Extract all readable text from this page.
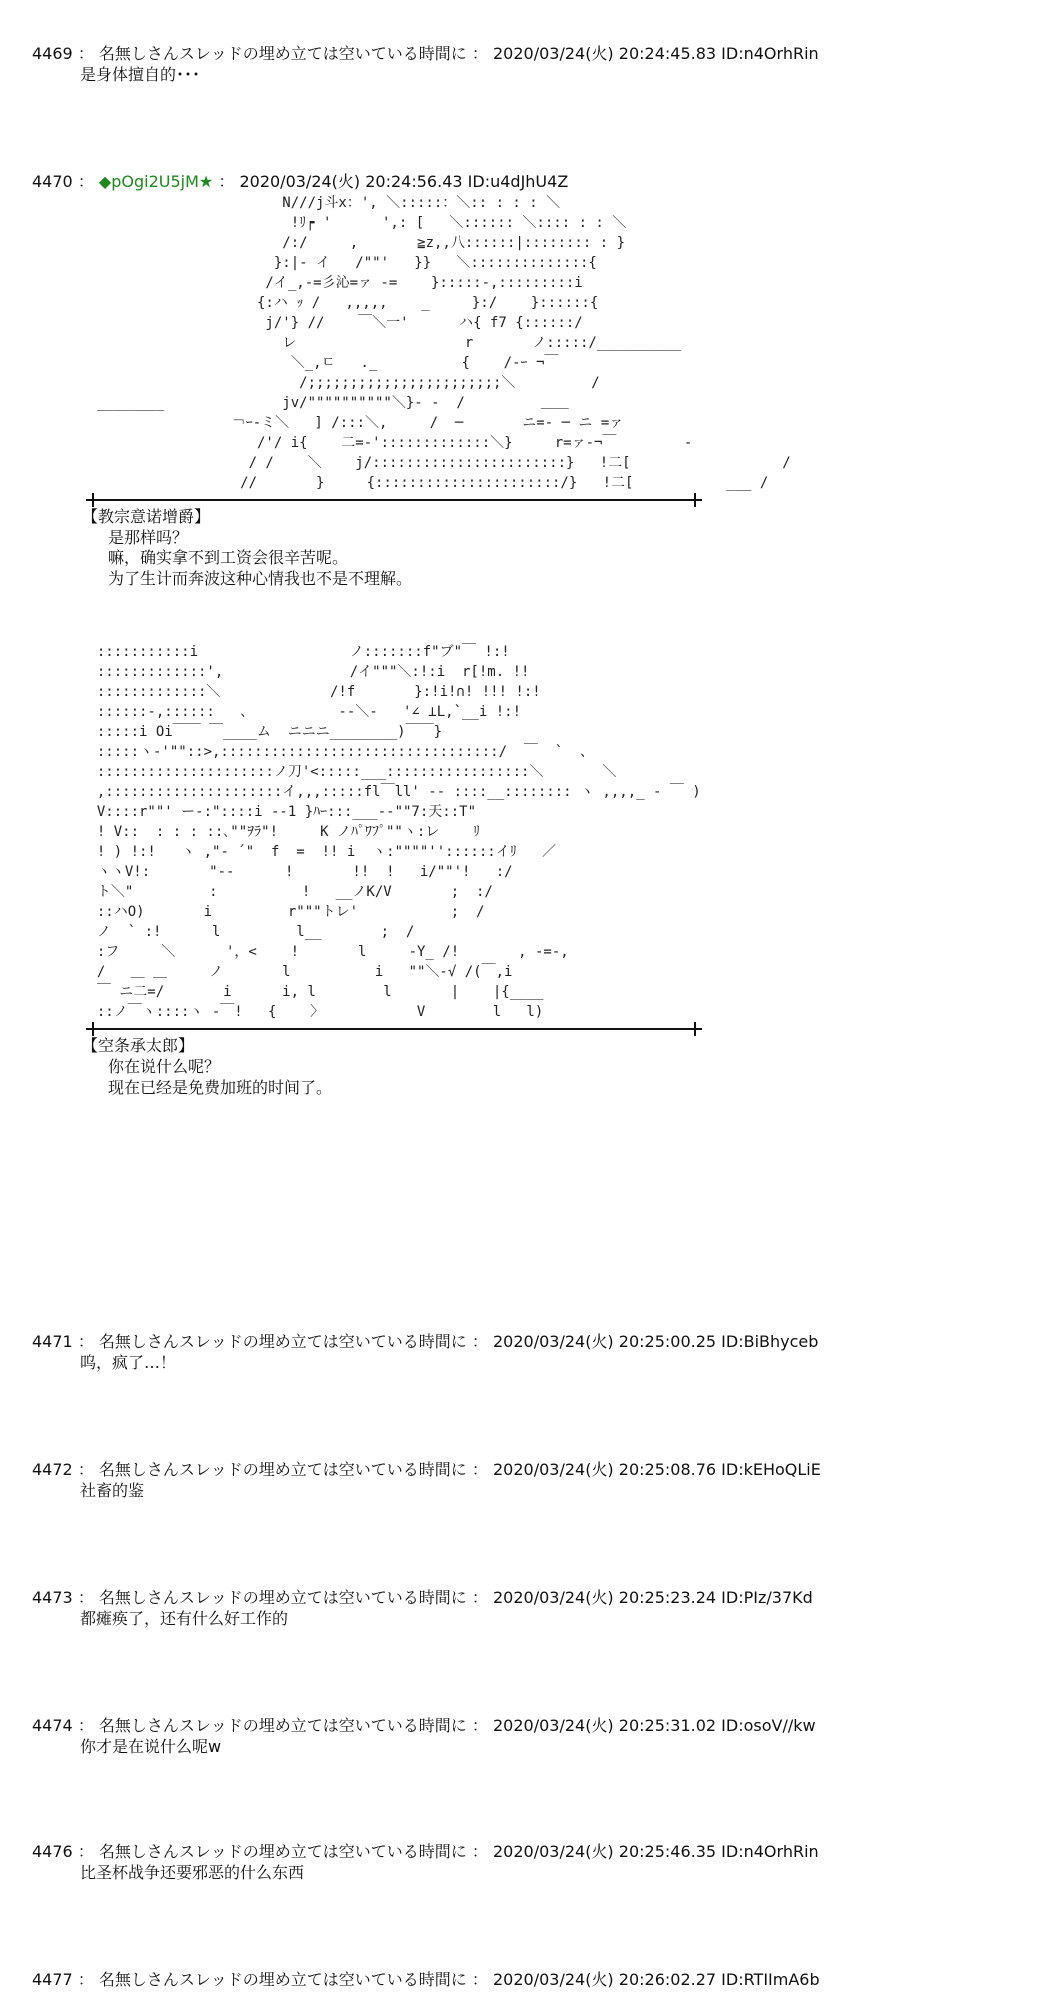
4469 ： 名無しさんスレッドの埋め立ては空いている時間に ： 2020/03/24(火) 20:24:45.83 ID:n4OrhRin
是身体擅自的･･･
4470 ： ◆pOgi2U5jM★ ： 2020/03/24(火) 20:24:56.43 ID:u4dJhU4Z
N///j斗x：', ＼:::::：＼:: : : : ＼
!ﾘ┍ '      ',: [   ＼:::::: ＼:::: : : ＼
/:/     ,       ≧z,,八::::::|:::::::: : }
}:|- イ   /""'   }}   ＼::::::::::::::{
/イ_,‐=彡沁=ァ ‐=    }:::::-,:::::::::i
{:ハ ｯ /   ,,,,,    _     }:/    }::::::{
j/'} //    ￣＼一'      ハ{ f7 {::::::/
レ                    r       ノ:::::/__________
＼_,ㄷ   ._          {    /‐ｰ ¬￣
/;;;;;;;;;;;;;;;;;;;;;;;＼         /
________              jv/""""""""""＼}‐ ‐  /         ＿＿
￢ｰ-ミ＼   ] /:::＼,     /  ─       ニ=‐ ─ ニ =ァ
/'/ i{    二=‐':::::::::::::＼}     r=ァ‐¬￣        -
/ /    ＼    j/:::::::::::::::::::::::}   !二[                  /
//       }     {::::::::::::::::::::::/}   !二[           ___ /
【教宗意诺增爵】
是那样吗？
嘛，确实拿不到工资会很辛苦呢。
为了生计而奔波这种心情我也不是不理解。
:::::::::::i                  ノ:::::::f"ブ"￣ !:!
:::::::::::::',               /イ"""＼:!:i  r[!m. !!
:::::::::::::＼             /!f       }:!i!∩! !!! !:!
::::::-,::::::   、          ‐-＼-   '∠ ⊥L,`__i !:!
:::::i Oi￣￣ ￣____ム  ニニニ________)￣￣}
:::::ヽ-'""::>,:::::::::::::::::::::::::::::::::/  ￣  `  、
:::::::::::::::::::::ノ刀'<:::::___:::::::::::::::::＼       ＼
,:::::::::::::::::::::イ,,,:::::fl￣ll' ‐‐ ::::__:::::::: ヽ ,,,,_ ‐ ￣ )
V::::r""' ー‐:"::::i ‐‐1 }ﾊｰ:::___‐‐""7:天::T"
! V::  : : : ::､""ｦﾗ"!     K ノﾊﾟﾜﾌﾟ""ヽ:レ    ﾘ
! ) !:!   ヽ ,"‐ ´"  f  =  !! i  ヽ:""""''::::::イﾘ   ／
ヽヽV!:       "‐‐      !       !!  !   i/""'!   :/
ト＼"         :          !   __ノK/V       ;  :/
::ハO)       i         r"""トレ'           ;  /
ノ  ` :!      l         l__       ;  /
:フ     ＼      '，<    !       l     ‐Y_ /!       , ‐=‐,
/   ＿ ＿     ノ       l          i   ""＼‐√ /(￣,i
￣ ニ二=/       i      i, l        l       |    |{____
::ノ￣ヽ::::ヽ ‐￣!   {    〉           V        l   l)
【空条承太郎】
你在说什么呢？
现在已经是免费加班的时间了。
4471 ： 名無しさんスレッドの埋め立ては空いている時間に ： 2020/03/24(火) 20:25:00.25 ID:BiBhyceb
呜，疯了…！
4472 ： 名無しさんスレッドの埋め立ては空いている時間に ： 2020/03/24(火) 20:25:08.76 ID:kEHoQLiE
社畜的鉴
4473 ： 名無しさんスレッドの埋め立ては空いている時間に ： 2020/03/24(火) 20:25:23.24 ID:PIz/37Kd
都瘫痪了，还有什么好工作的
4474 ： 名無しさんスレッドの埋め立ては空いている時間に ： 2020/03/24(火) 20:25:31.02 ID:osoV//kw
你才是在说什么呢w
4476 ： 名無しさんスレッドの埋め立ては空いている時間に ： 2020/03/24(火) 20:25:46.35 ID:n4OrhRin
比圣杯战争还要邪恶的什么东西
4477 ： 名無しさんスレッドの埋め立ては空いている時間に ： 2020/03/24(火) 20:26:02.27 ID:RTIImA6b
